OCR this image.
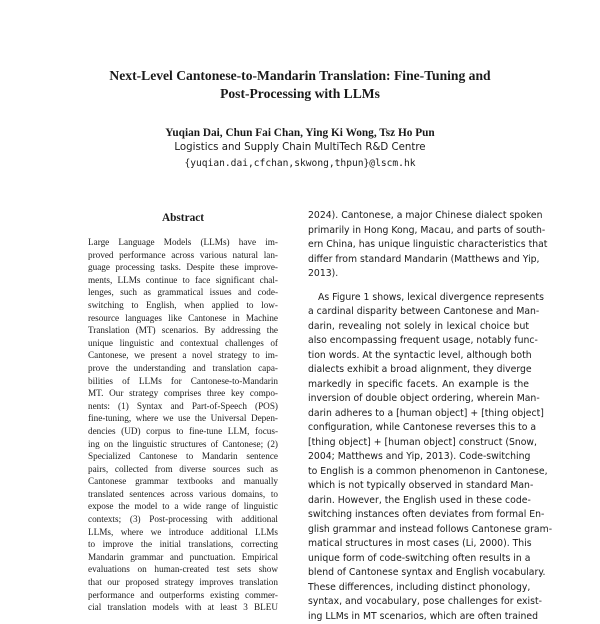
Next-Level Cantonese-to-Mandarin Translation: Fine-Tuning and
Post-Processing with LLMs
Yuqian Dai, Chun Fai Chan, Ying Ki Wong, Tsz Ho Pun
Logistics and Supply Chain MultiTech R&D Centre
{yuqian.dai,cfchan,skwong,thpun}@lscm.hk
Abstract
Large Language Models (LLMs) have im-
proved performance across various natural lan-
guage processing tasks. Despite these improve-
ments, LLMs continue to face significant chal-
lenges, such as grammatical issues and code-
switching to English, when applied to low-
resource languages like Cantonese in Machine
Translation (MT) scenarios. By addressing the
unique linguistic and contextual challenges of
Cantonese, we present a novel strategy to im-
prove the understanding and translation capa-
bilities of LLMs for Cantonese-to-Mandarin
MT. Our strategy comprises three key compo-
nents: (1) Syntax and Part-of-Speech (POS)
fine-tuning, where we use the Universal Depen-
dencies (UD) corpus to fine-tune LLM, focus-
ing on the linguistic structures of Cantonese; (2)
Specialized Cantonese to Mandarin sentence
pairs, collected from diverse sources such as
Cantonese grammar textbooks and manually
translated sentences across various domains, to
expose the model to a wide range of linguistic
contexts; (3) Post-processing with additional
LLMs, where we introduce additional LLMs
to improve the initial translations, correcting
Mandarin grammar and punctuation. Empirical
evaluations on human-created test sets show
that our proposed strategy improves translation
performance and outperforms existing commer-
cial translation models with at least 3 BLEU
2024). Cantonese, a major Chinese dialect spoken
primarily in Hong Kong, Macau, and parts of south-
ern China, has unique linguistic characteristics that
differ from standard Mandarin (Matthews and Yip,
2013).
As Figure 1 shows, lexical divergence represents
a cardinal disparity between Cantonese and Man-
darin, revealing not solely in lexical choice but
also encompassing frequent usage, notably func-
tion words. At the syntactic level, although both
dialects exhibit a broad alignment, they diverge
markedly in specific facets. An example is the
inversion of double object ordering, wherein Man-
darin adheres to a [human object] + [thing object]
configuration, while Cantonese reverses this to a
[thing object] + [human object] construct (Snow,
2004; Matthews and Yip, 2013). Code-switching
to English is a common phenomenon in Cantonese,
which is not typically observed in standard Man-
darin. However, the English used in these code-
switching instances often deviates from formal En-
glish grammar and instead follows Cantonese gram-
matical structures in most cases (Li, 2000). This
unique form of code-switching often results in a
blend of Cantonese syntax and English vocabulary.
These differences, including distinct phonology,
syntax, and vocabulary, pose challenges for exist-
ing LLMs in MT scenarios, which are often trained
